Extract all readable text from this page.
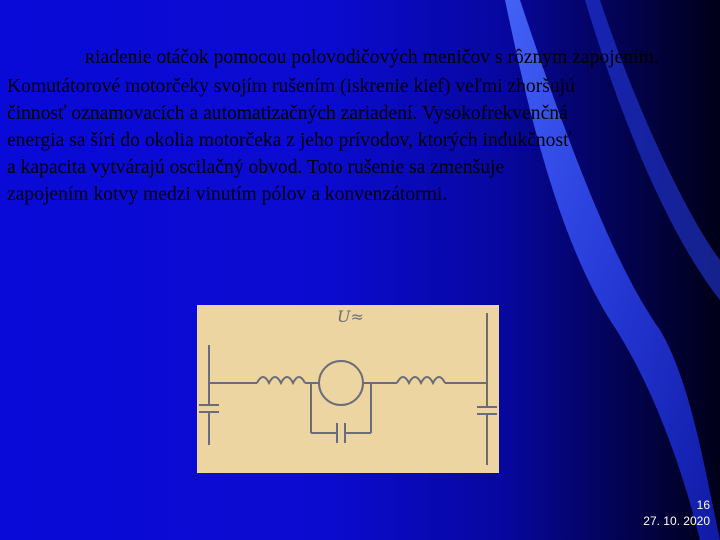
Riadenie otáčok pomocou polovodičových meničov s rôznym zapojením.

Komutátorové motorčeky svojím rušením (iskrenie kief) veľmi zhoršujú

činnosť oznamovacích a automatizačných zariadení. Vysokofrekvenčná

energia sa šíri do okolia motorčeka z jeho prívodov, ktorých indukčnosť

a kapacita vytvárajú oscilačný obvod. Toto rušenie sa zmenšuje

zapojením kotvy medzi vinutím pólov a konvenzátormi.

U≈
16
27. 10. 2020
